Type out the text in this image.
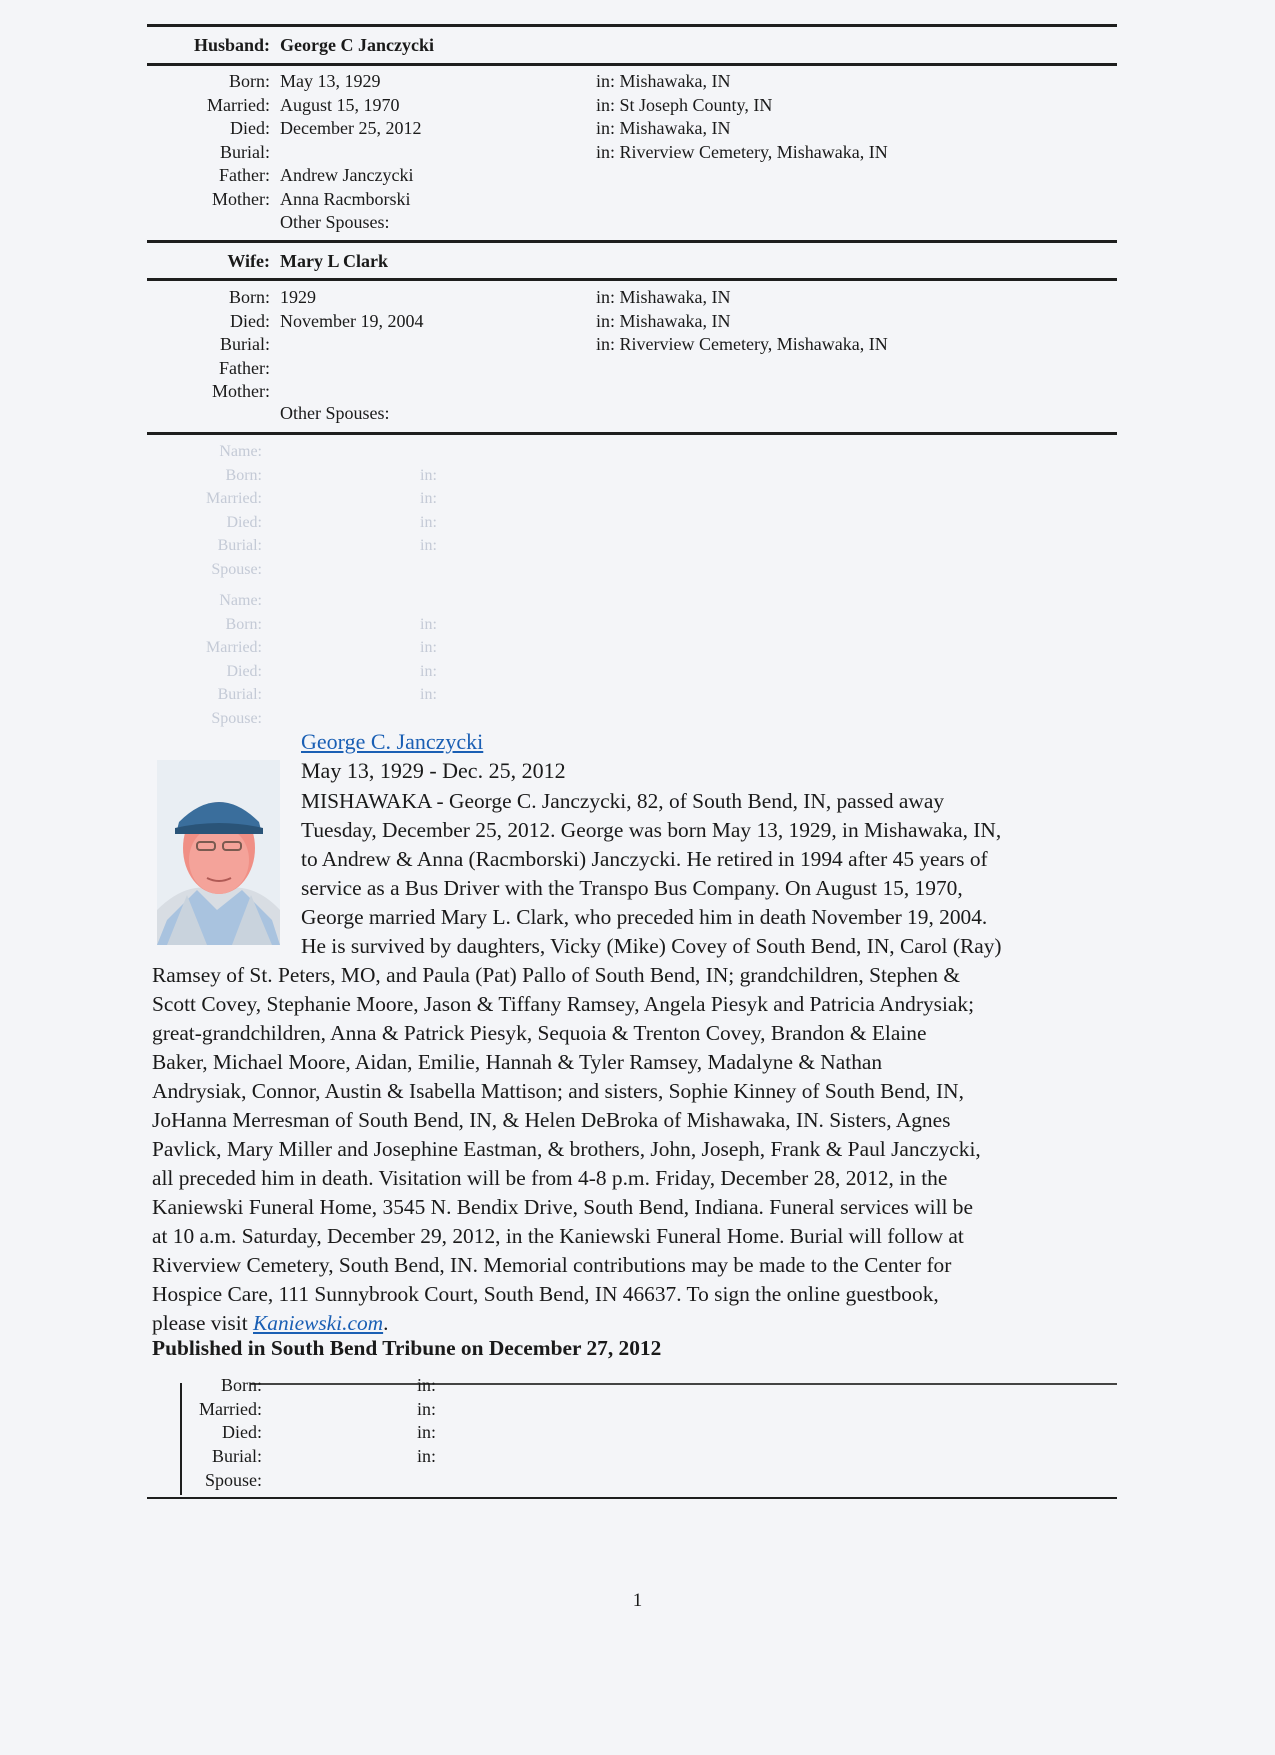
Husband: George C Janczycki
Born: May 13, 1929	in: Mishawaka, IN
Married: August 15, 1970	in: St Joseph County, IN
Died: December 25, 2012	in: Mishawaka, IN
Burial:	in: Riverview Cemetery, Mishawaka, IN
Father: Andrew Janczycki
Mother: Anna Racmborski
Other Spouses:
Wife: Mary L Clark
Born: 1929	in: Mishawaka, IN
Died: November 19, 2004	in: Mishawaka, IN
Burial:	in: Riverview Cemetery, Mishawaka, IN
Father:
Mother:
Other Spouses:
Name:
Born:	in:
Married:	in:
Died:	in:
Burial:	in:
Spouse:
Name:
Born:	in:
Married:	in:
Died:	in:
Burial:	in:
Spouse:
George C. Janczycki
May 13, 1929 - Dec. 25, 2012
MISHAWAKA - George C. Janczycki, 82, of South Bend, IN, passed away
Tuesday, December 25, 2012. George was born May 13, 1929, in Mishawaka, IN,
to Andrew & Anna (Racmborski) Janczycki. He retired in 1994 after 45 years of
service as a Bus Driver with the Transpo Bus Company. On August 15, 1970,
George married Mary L. Clark, who preceded him in death November 19, 2004.
He is survived by daughters, Vicky (Mike) Covey of South Bend, IN, Carol (Ray)
Ramsey of St. Peters, MO, and Paula (Pat) Pallo of South Bend, IN; grandchildren, Stephen &
Scott Covey, Stephanie Moore, Jason & Tiffany Ramsey, Angela Piesyk and Patricia Andrysiak;
great-grandchildren, Anna & Patrick Piesyk, Sequoia & Trenton Covey, Brandon & Elaine
Baker, Michael Moore, Aidan, Emilie, Hannah & Tyler Ramsey, Madalyne & Nathan
Andrysiak, Connor, Austin & Isabella Mattison; and sisters, Sophie Kinney of South Bend, IN,
JoHanna Merresman of South Bend, IN, & Helen DeBroka of Mishawaka, IN. Sisters, Agnes
Pavlick, Mary Miller and Josephine Eastman, & brothers, John, Joseph, Frank & Paul Janczycki,
all preceded him in death. Visitation will be from 4-8 p.m. Friday, December 28, 2012, in the
Kaniewski Funeral Home, 3545 N. Bendix Drive, South Bend, Indiana. Funeral services will be
at 10 a.m. Saturday, December 29, 2012, in the Kaniewski Funeral Home. Burial will follow at
Riverview Cemetery, South Bend, IN. Memorial contributions may be made to the Center for
Hospice Care, 111 Sunnybrook Court, South Bend, IN 46637. To sign the online guestbook,
please visit Kaniewski.com.
Published in South Bend Tribune on December 27, 2012
Born:	in:
Married:	in:
Died:	in:
Burial:	in:
Spouse:
1
